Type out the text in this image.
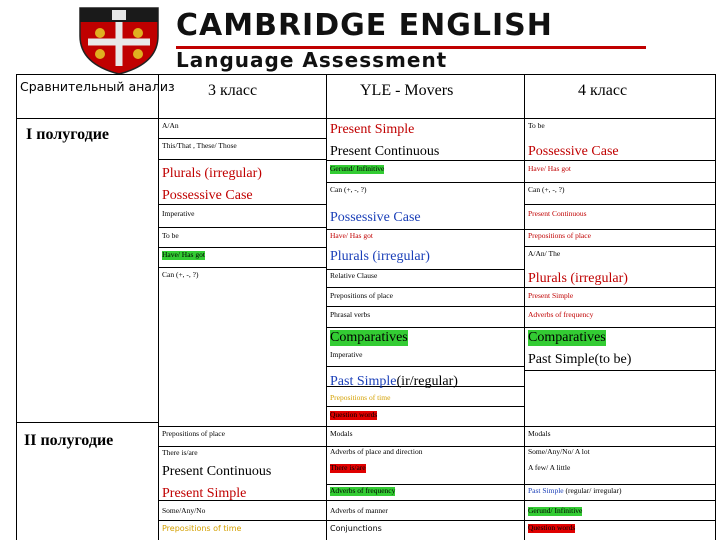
CAMBRIDGE ENGLISH
Language Assessment
Сравнительный анализ
I полугодие
II полугодие
3 класс	YLE - Movers	4 класс
A/An
This/That , These/ Those
Plurals (irregular)
Possessive Case
Imperative
To be
Have/ Has got
Can (+, -, ?)
Prepositions of place
There is/are
Present Continuous
Present Simple
Some/Any/No
Prepositions of time
Present Simple
Present Continuous
Gerund/ Infinitive
Can (+, -, ?)
Possessive Case
Have/ Has got
Plurals (irregular)
Relative Clause
Prepositions of place
Phrasal verbs
Comparatives
Imperative
Past Simple(ir/regular)
Prepositions of time
Question words
Modals
Adverbs of place and direction
There is/are
Adverbs of frequency
Adverbs of manner
Conjunctions
To be
Possessive Case
Have/ Has got
Can (+, -, ?)
Present Continuous
Prepositions of place
A/An/ The
Plurals (irregular)
Present Simple
Adverbs of frequency
Comparatives
Past Simple(to be)
Modals
Some/Any/No/ A lot
A few/ A little
Past Simple (regular/ irregular)
Gerund/ Infinitive
Question words
